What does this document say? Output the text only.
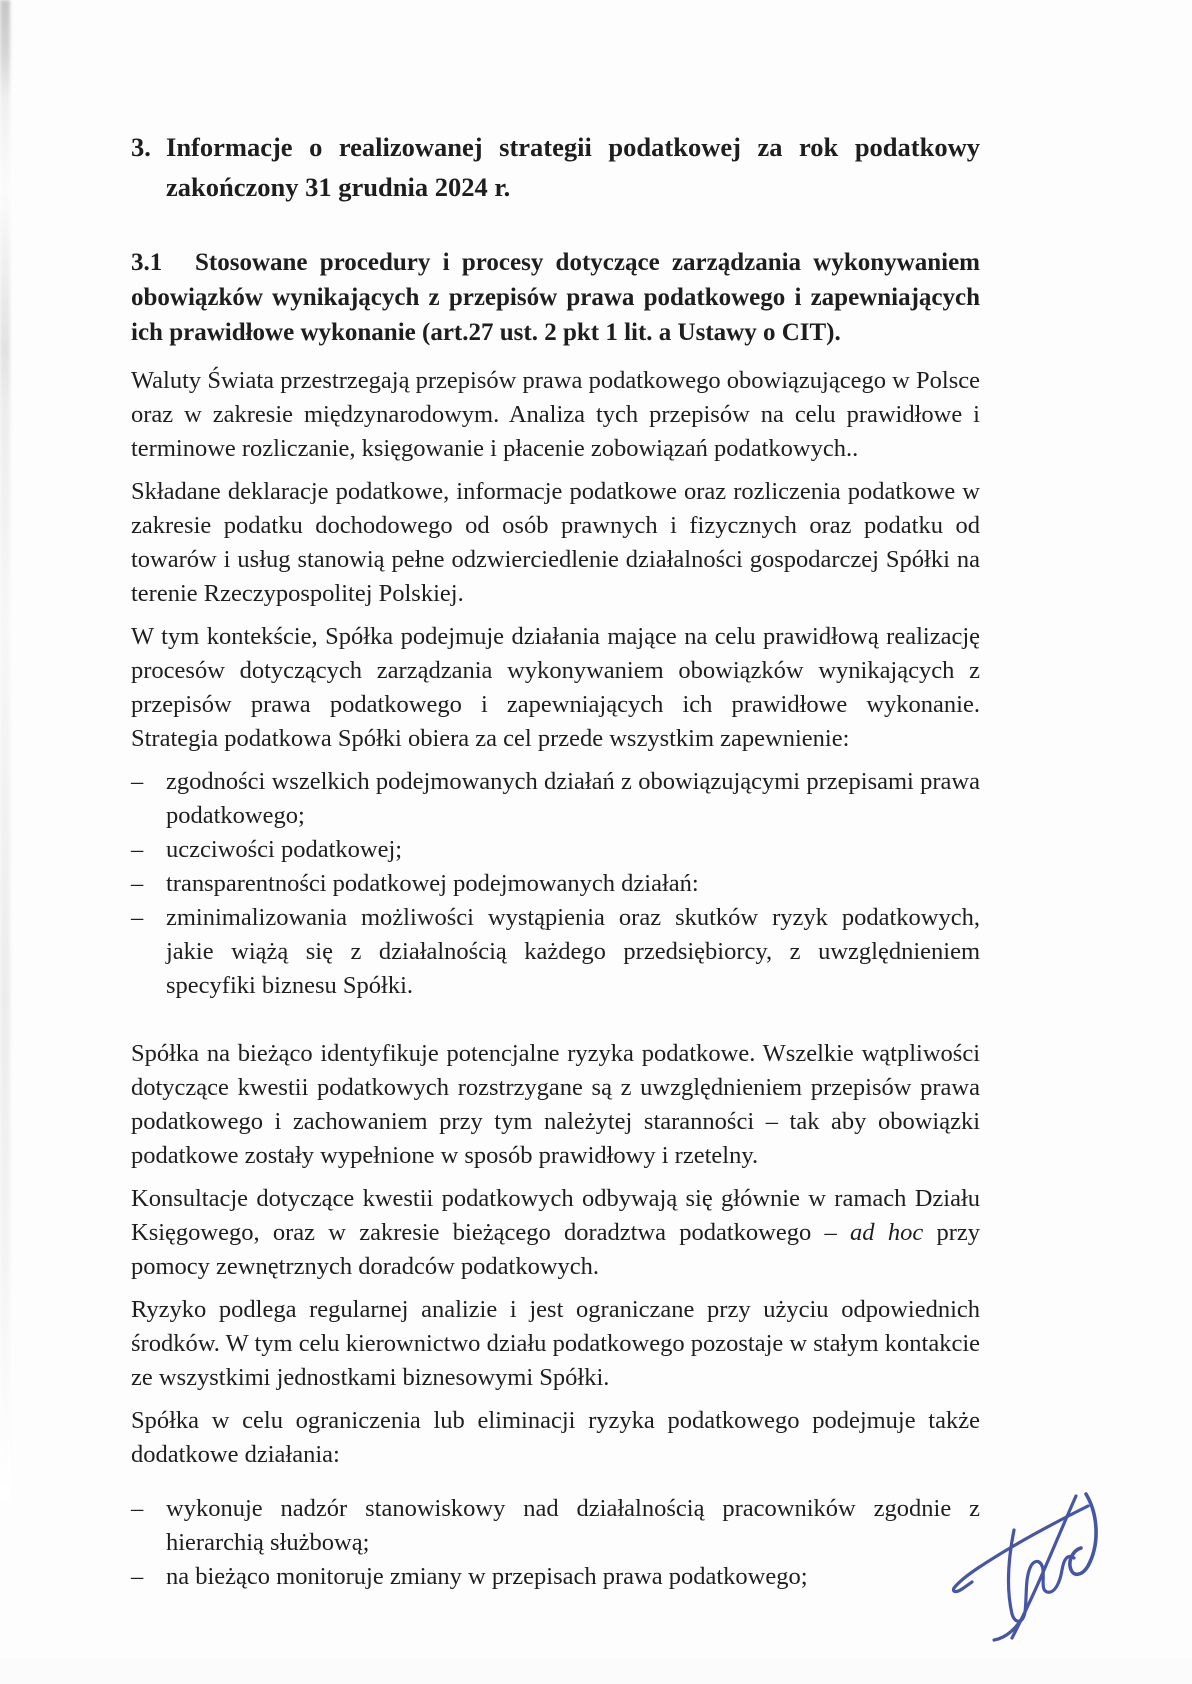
3. Informacje o realizowanej strategii podatkowej za rok podatkowy zakończony 31 grudnia 2024 r.

3.1 Stosowane procedury i procesy dotyczące zarządzania wykonywaniem obowiązków wynikających z przepisów prawa podatkowego i zapewniających ich prawidłowe wykonanie (art.27 ust. 2 pkt 1 lit. a Ustawy o CIT).

Waluty Świata przestrzegają przepisów prawa podatkowego obowiązującego w Polsce oraz w zakresie międzynarodowym. Analiza tych przepisów na celu prawidłowe i terminowe rozliczanie, księgowanie i płacenie zobowiązań podatkowych..

Składane deklaracje podatkowe, informacje podatkowe oraz rozliczenia podatkowe w zakresie podatku dochodowego od osób prawnych i fizycznych oraz podatku od towarów i usług stanowią pełne odzwierciedlenie działalności gospodarczej Spółki na terenie Rzeczypospolitej Polskiej.

W tym kontekście, Spółka podejmuje działania mające na celu prawidłową realizację procesów dotyczących zarządzania wykonywaniem obowiązków wynikających z przepisów prawa podatkowego i zapewniających ich prawidłowe wykonanie. Strategia podatkowa Spółki obiera za cel przede wszystkim zapewnienie:

– zgodności wszelkich podejmowanych działań z obowiązującymi przepisami prawa podatkowego;

– uczciwości podatkowej;

– transparentności podatkowej podejmowanych działań:

– zminimalizowania możliwości wystąpienia oraz skutków ryzyk podatkowych, jakie wiążą się z działalnością każdego przedsiębiorcy, z uwzględnieniem specyfiki biznesu Spółki.

Spółka na bieżąco identyfikuje potencjalne ryzyka podatkowe. Wszelkie wątpliwości dotyczące kwestii podatkowych rozstrzygane są z uwzględnieniem przepisów prawa podatkowego i zachowaniem przy tym należytej staranności – tak aby obowiązki podatkowe zostały wypełnione w sposób prawidłowy i rzetelny.

Konsultacje dotyczące kwestii podatkowych odbywają się głównie w ramach Działu Księgowego, oraz w zakresie bieżącego doradztwa podatkowego – ad hoc przy pomocy zewnętrznych doradców podatkowych.

Ryzyko podlega regularnej analizie i jest ograniczane przy użyciu odpowiednich środków. W tym celu kierownictwo działu podatkowego pozostaje w stałym kontakcie ze wszystkimi jednostkami biznesowymi Spółki.

Spółka w celu ograniczenia lub eliminacji ryzyka podatkowego podejmuje także dodatkowe działania:

– wykonuje nadzór stanowiskowy nad działalnością pracowników zgodnie z hierarchią służbową;

– na bieżąco monitoruje zmiany w przepisach prawa podatkowego;
